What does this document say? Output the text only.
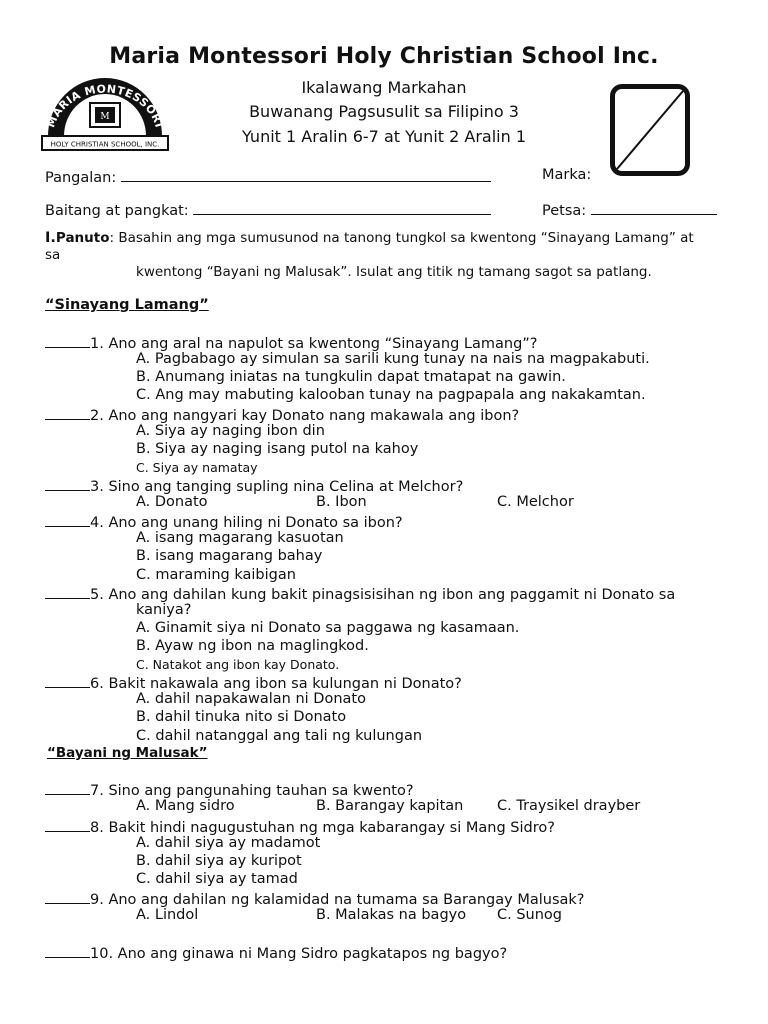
Maria Montessori Holy Christian School Inc.
MARIA MONTESSORI
M
HOLY CHRISTIAN SCHOOL, INC.
Ikalawang Markahan
Buwanang Pagsusulit sa Filipino 3
Yunit 1 Aralin 6-7 at Yunit 2 Aralin 1
Pangalan:	Marka:
Baitang at pangkat:	Petsa:
I.Panuto: Basahin ang mga sumusunod na tanong tungkol sa kwentong “Sinayang Lamang” at
sa
kwentong “Bayani ng Malusak”. Isulat ang titik ng tamang sagot sa patlang.
“Sinayang Lamang”
1. Ano ang aral na napulot sa kwentong “Sinayang Lamang”?
A. Pagbabago ay simulan sa sarili kung tunay na nais na magpakabuti.
B. Anumang iniatas na tungkulin dapat tmatapat na gawin.
C. Ang may mabuting kalooban tunay na pagpapala ang nakakamtan.
2. Ano ang nangyari kay Donato nang makawala ang ibon?
A. Siya ay naging ibon din
B. Siya ay naging isang putol na kahoy
C. Siya ay namatay
3. Sino ang tanging supling nina Celina at Melchor?
A. Donato	B. Ibon	C. Melchor
4. Ano ang unang hiling ni Donato sa ibon?
A. isang magarang kasuotan
B. isang magarang bahay
C. maraming kaibigan
5. Ano ang dahilan kung bakit pinagsisisihan ng ibon ang paggamit ni Donato sa
kaniya?
A. Ginamit siya ni Donato sa paggawa ng kasamaan.
B. Ayaw ng ibon na maglingkod.
C. Natakot ang ibon kay Donato.
6. Bakit nakawala ang ibon sa kulungan ni Donato?
A. dahil napakawalan ni Donato
B. dahil tinuka nito si Donato
C. dahil natanggal ang tali ng kulungan
“Bayani ng Malusak”
7. Sino ang pangunahing tauhan sa kwento?
A. Mang sidro	B. Barangay kapitan C. Traysikel drayber
8. Bakit hindi nagugustuhan ng mga kabarangay si Mang Sidro?
A. dahil siya ay madamot
B. dahil siya ay kuripot
C. dahil siya ay tamad
9. Ano ang dahilan ng kalamidad na tumama sa Barangay Malusak?
A. Lindol	B. Malakas na bagyo C. Sunog
10. Ano ang ginawa ni Mang Sidro pagkatapos ng bagyo?
